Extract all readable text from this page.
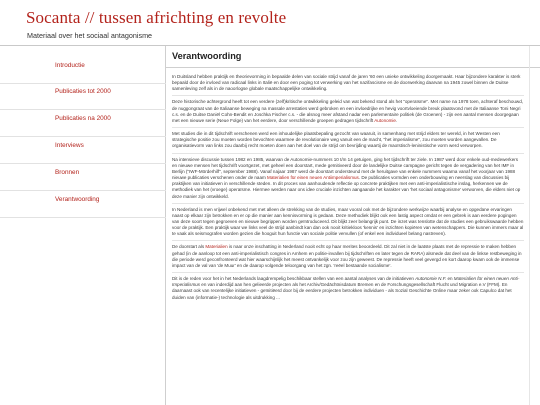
Socanta // tussen africhting en revolte
Materiaal over het sociaal antagonisme
Introductie
Publicaties tot 2000
Publicaties na 2000
Interviews
Bronnen
Verantwoording
Verantwoording

In Duitsland hebben praktijk en theorievorming in bepaalde delen van sociale strijd vanaf de jaren '60 een unieke ontwikkeling doorgemaakt. Haar bijzondere karakter is sterk bepaald door de invloed van radicaal links in Italië en door een poging tot verwerking van het nazifascisme en de doorwerking daarvan na 1945 zowel binnen de Duitse samenleving zelf als in de naoorlogse globale maatschappelijke ontwikkeling.

Deze historische achtergrond heeft tot een verdere (zelf)kritische ontwikkeling geleid van wat bekend stond als het "operaïsme". Met name na 1978 toen, achteraf beschouwd, de nuggongraat van de Italiaanse beweging na massale arrestaties werd gebroken en een invloedrijke en hevig voortvloeiende breuk plaatsvond met de Italiaanse Toni Negri c.s. en de Duitse Daniël Cohn-Bendit en Joschka Fischer c.s. - die alsnog meer afstand nadar een parlementaire politiek (de Groenen) - zijn een aantal mensen doorgegaan met een nieuwe serie (Neue Folge) van het eerdere, door verschillende groepen gedragen tijdschrift Autonomie.

Met studies die in dit tijdschrift verschenen werd een inhoudelijke plaatsbepaling gezocht van waaruit, in samenhang met strijd elders ter wereld, in het Westen een strategische positie zou moeten worden bevochten waarmee de revolutionaire weg vanuit een de macht, "het imperialisme", zou moeten worden aangevallen. De organisatievorm van links zou daarbij recht moeten doen aan het doel van de strijd om bevrijding waartij de maoïstisch-leninistische vorm werd verworpen.

Na intensieve discussie tussen 1982 en 1985, waarvan de Autonomie-nummers 10 t/m 14 getuigen, ging het tijdschrift ter ziele. In 1987 werd door enkele oud-medewerkers en nieuwe mensen het tijdschrift voortgezet, met geheel een doorstart, mede geïnitiveerd door de landelijke Duitse campagne gericht tegen de vergadering van het IMF in Berlijn ("IWF-Mörderhilf", september 1988). Vanaf najaar 1987 werd de doorstart ondersteund met de heruitgave van enkele nummers waarna vanaf het voorjaar van 1988 nieuwe publicaties verschenen onder de naam Materialien für einen neuen Antiimperialismus. De publicaties vormden een onderbouwing en neerslag van discussies bij praktijken van initiatieven in verschillende steden. In dit proces van aanhoudende reflectie op concrete praktijken met een anti-imperialistische inslag, herkennen we de methodiek van het (vroege) operaïsme. Hiermee werden naar ons idee cruciale inzichten aangaande het karakter van 'het sociaal antagonisme' verworven, die elders niet op deze manier zijn ontwikkeld.

In Nederland is men vrijwel onbekend met met alleen de strekking van de studies, maar vooral ook met de bijzondere werkwijze waarbij analyse en opgedane ervaringen naast op elkaar zijn betrokken en er op die manier aan kennisvorming is gedaan. Deze methodiek blijkt ook een lastig aspect omdat er een gebrek is aan eerdere pogingen van deze soort tegen gegroeven en nieuwe begrippen worden geïntroduceerd. Dit blijkt zeer belangrijk punt. De inzet was tenslotte dat de studies een gebruikswaarde hebben voor de praktijk. Een praktijk waar we links veel de strijd aanbindt kan dan ook nooit kritiekloos 'kennis' en inzichten kopiëren van wetenschappers. Die kunnen immers maar al te vaak als seismografen worden gezien die hooguit hun functie van sociale politie vervullen (of enkel een individueel belang nastreven).

De doorstart als Materialien is naar onze inschatting in Nederland nooit echt op haar merites beoordeeld. Dit zal niet in de laatste plaats met de repressie te maken hebben gehad (in de aanloop tot een anti-imperialistisch congres in Amhem en politie-invallen bij tijdschriften en later tegen de RARA) alsmede dat deel van de linkse restbeweging in die periode werd geconfronteerd wat hier waarschijnlijk het meest ontvankelijk voor zou zijn geweest. De repressie heeft veel gevergd en kort daarop kwam ook de immense impact van de val van 'de Muur' en de daarop volgende teloorgang van het zgn. 'reëel bestaande socialisme'.

Dit is de reden voor het in het Nederlands laagdrempelig beschikbaar stellen van een aantal analyses van de initiatieven Autonomie N.F. en Materialien für einen neuen Anti-Imperialismus en van inderdijd aan hen gelieerde projecten als het Archiv/Gedächtnisdatum Bremen en de Forschungsgesellschaft Flucht und Migration e.V (FFM). En daarnaast ook van recentelijke initiatieven - geïnitiëerd door bij de eerdere projecten betrokken individuen - als Sozial Geschichte Online maar zeker ook Capulco dat het duiden van (informatie-) technologie als uitdrukking ...
